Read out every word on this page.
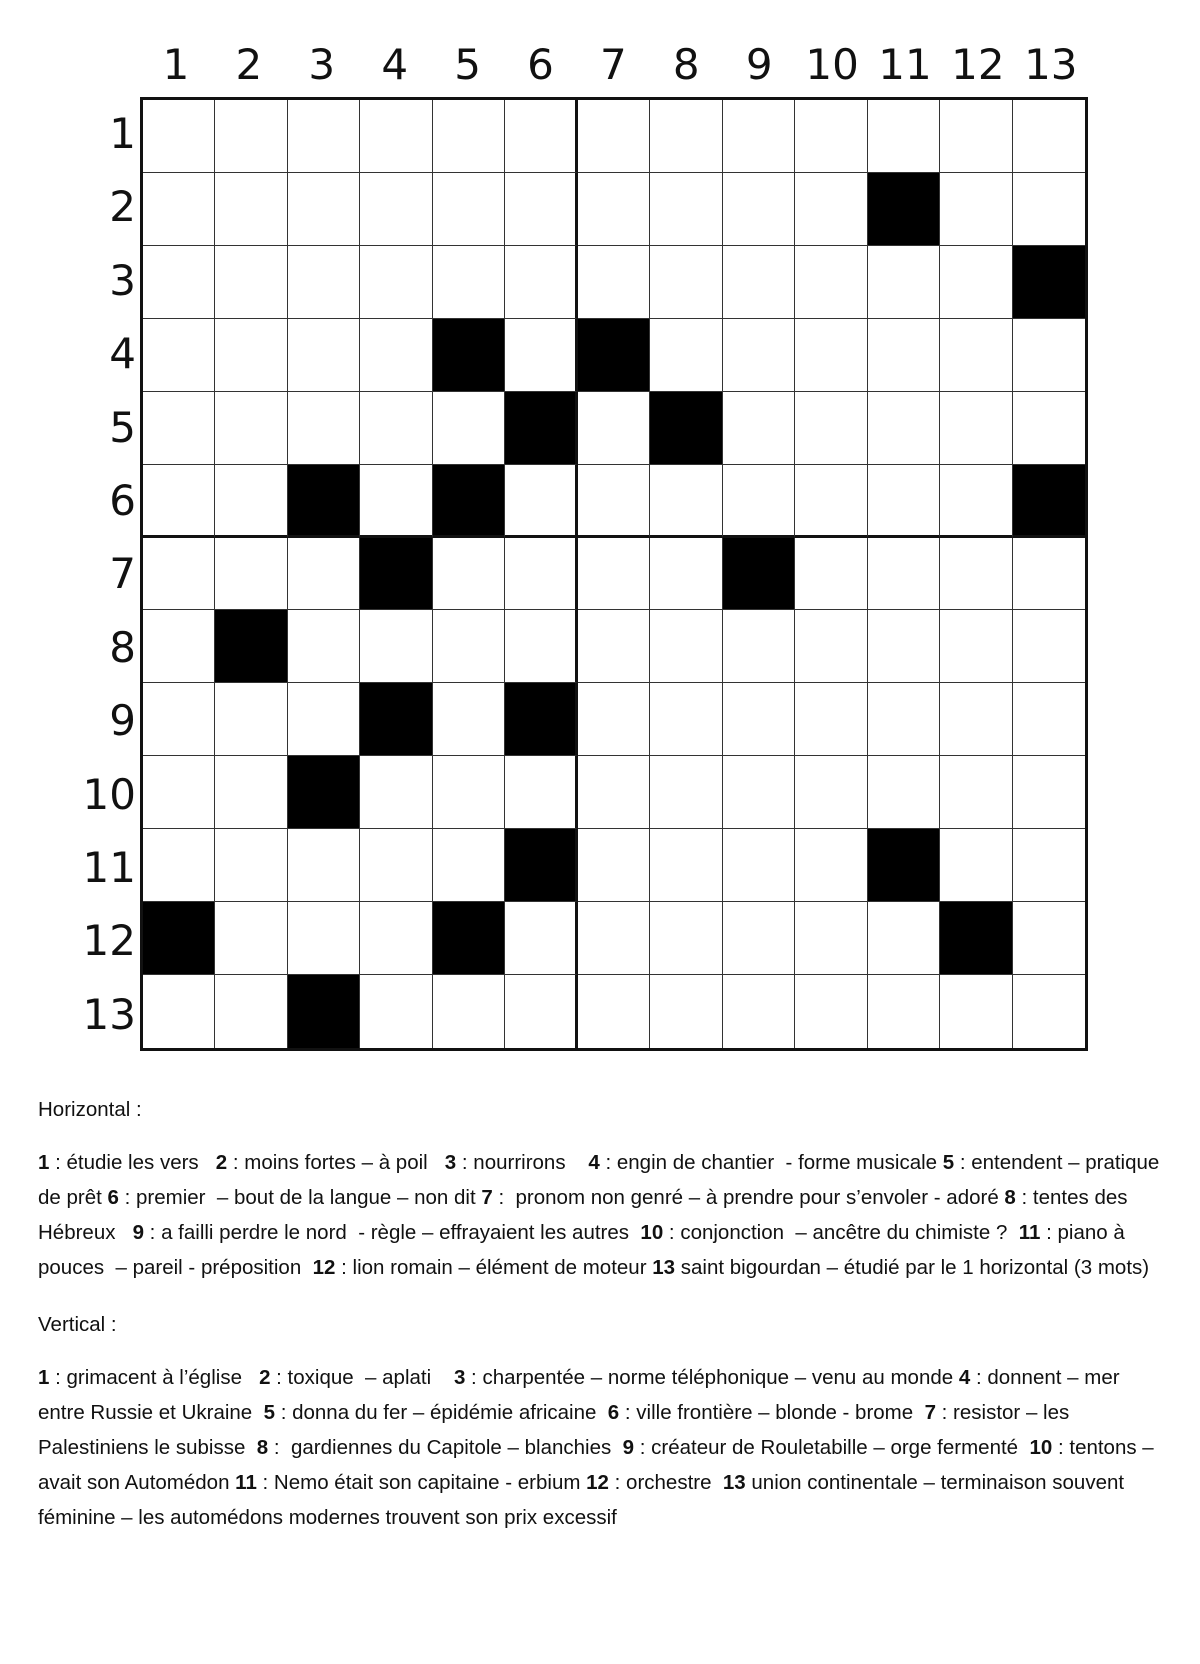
1	2	3	4	5	6	7	8	9 10 11 12 13
1
2
3
4
5
6
7
8
9
10
11
12
13

Horizontal :

1 : étudie les vers   2 : moins fortes – à poil   3 : nourrirons    4 : engin de chantier  - forme musicale 5 : entendent – pratique de prêt 6 : premier  – bout de la langue – non dit 7 :  pronom non genré – à prendre pour s’envoler - adoré 8 : tentes des Hébreux   9 : a failli perdre le nord  - règle – effrayaient les autres  10 : conjonction  – ancêtre du chimiste ?  11 : piano à pouces  – pareil - préposition  12 : lion romain – élément de moteur 13 saint bigourdan – étudié par le 1 horizontal (3 mots)

Vertical :

1 : grimacent à l’église   2 : toxique  – aplati    3 : charpentée – norme téléphonique – venu au monde 4 : donnent – mer entre Russie et Ukraine  5 : donna du fer – épidémie africaine  6 : ville frontière – blonde - brome  7 : resistor – les Palestiniens le subisse  8 :  gardiennes du Capitole – blanchies  9 : créateur de Rouletabille – orge fermenté  10 : tentons – avait son Automédon 11 : Nemo était son capitaine - erbium 12 : orchestre  13 union continentale – terminaison souvent féminine – les automédons modernes trouvent son prix excessif
